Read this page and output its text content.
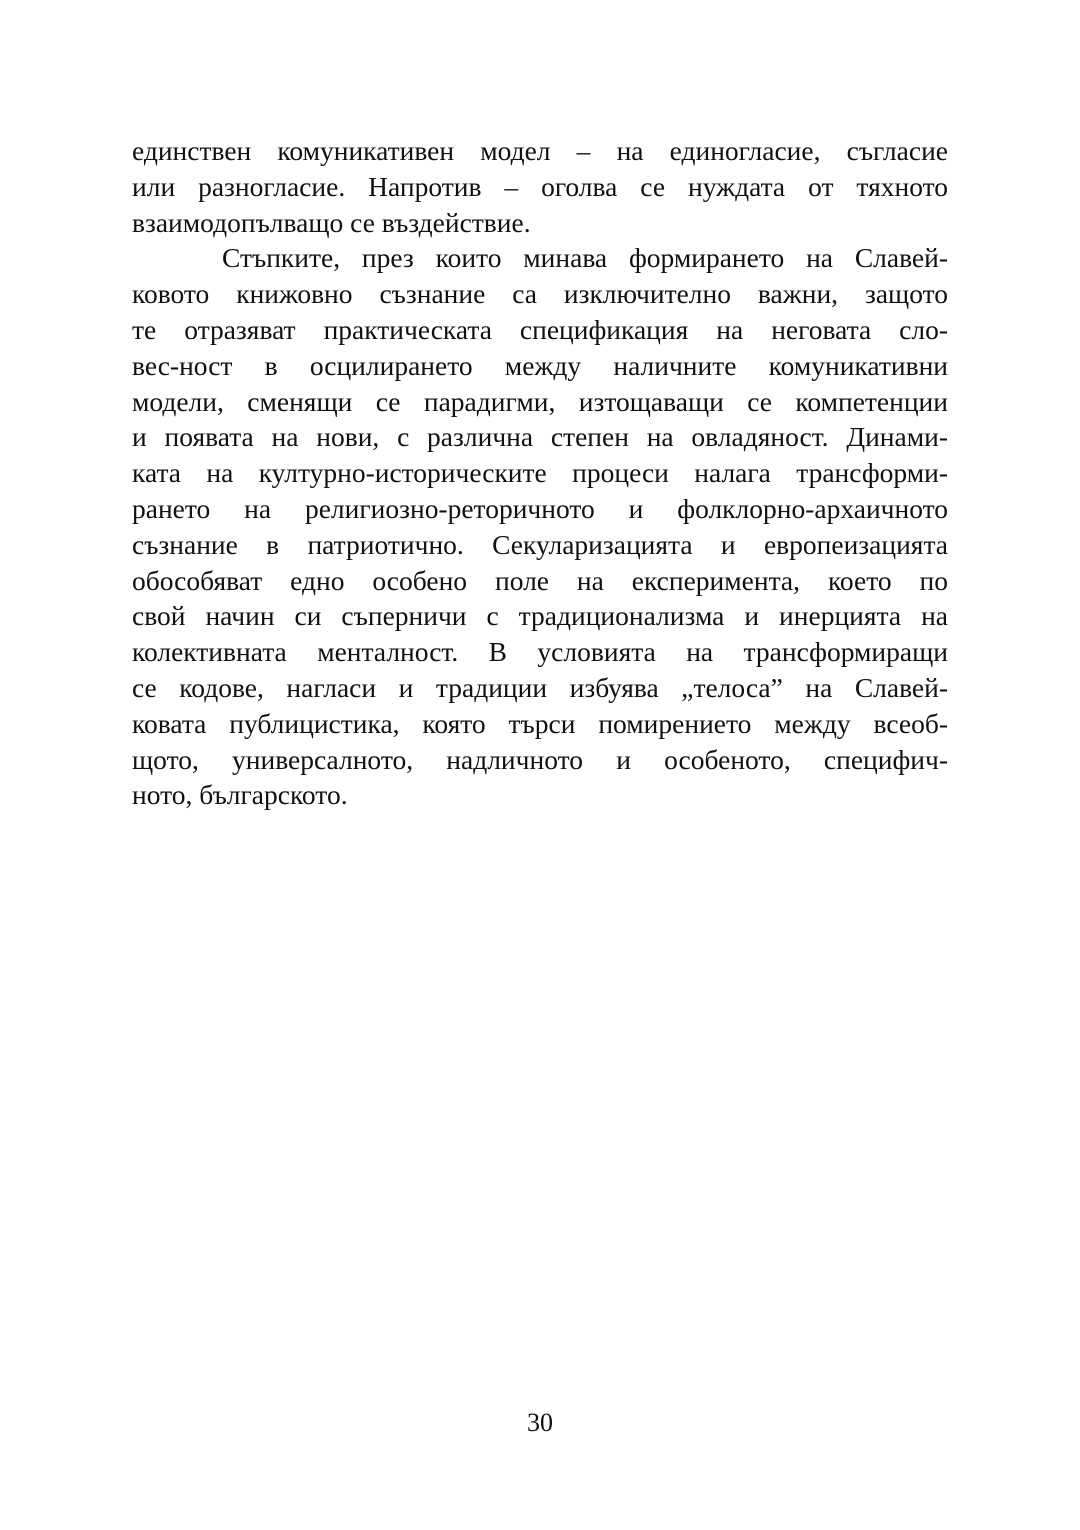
единствен комуникативен модел – на единогласие, съгласие
или разногласие. Напротив – оголва се нуждата от тяхното
взаимодопълващо се въздействие.
Стъпките, през които минава формирането на Славей-
ковото книжовно съзнание са изключително важни, защото
те отразяват практическата спецификация на неговата сло-
вес-ност в осцилирането между наличните комуникативни
модели, сменящи се парадигми, изтощаващи се компетенции
и появата на нови, с различна степен на овладяност. Динами-
ката на културно-историческите процеси налага трансформи-
рането на религиозно-реторичното и фолклорно-архаичното
съзнание в патриотично. Секуларизацията и европеизацията
обособяват едно особено поле на експеримента, което по
свой начин си съперничи с традиционализма и инерцията на
колективната менталност. В условията на трансформиращи
се кодове, нагласи и традиции избуява „телоса” на Славей-
ковата публицистика, която търси помирението между всеоб-
щото, универсалното, надличното и особеното, специфич-
ното, българското.
30
